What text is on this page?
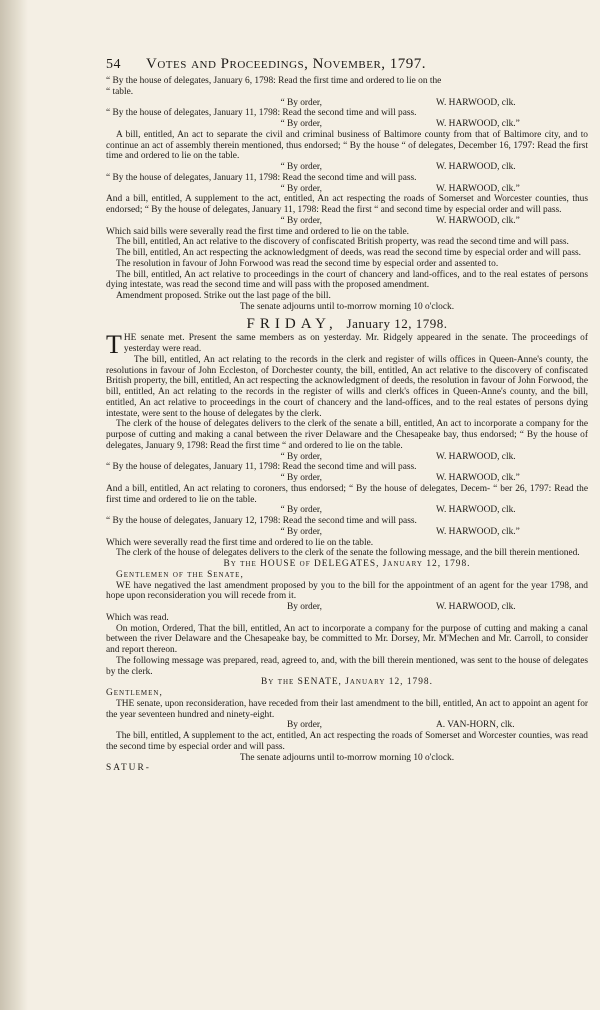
54	Votes and Proceedings, November, 1797.

“ By the house of delegates, January 6, 1798: Read the first time and ordered to lie on the

“ table.

“ By order,	W. HARWOOD, clk.

“ By the house of delegates, January 11, 1798: Read the second time and will pass.

“ By order,	W. HARWOOD, clk.”

A bill, entitled, An act to separate the civil and criminal business of Baltimore county from that of Baltimore city, and to continue an act of assembly therein mentioned, thus endorsed; “ By the house “ of delegates, December 16, 1797: Read the first time and ordered to lie on the table.

“ By order,	W. HARWOOD, clk.

“ By the house of delegates, January 11, 1798: Read the second time and will pass.

“ By order,	W. HARWOOD, clk.”

And a bill, entitled, A supplement to the act, entitled, An act respecting the roads of Somerset and Worcester counties, thus endorsed; “ By the house of delegates, January 11, 1798: Read the first “ and second time by especial order and will pass.

“ By order,	W. HARWOOD, clk.”

Which said bills were severally read the first time and ordered to lie on the table.

The bill, entitled, An act relative to the discovery of confiscated British property, was read the second time and will pass.

The bill, entitled, An act respecting the acknowledgment of deeds, was read the second time by especial order and will pass.

The resolution in favour of John Forwood was read the second time by especial order and assented to.

The bill, entitled, An act relative to proceedings in the court of chancery and land-offices, and to the real estates of persons dying intestate, was read the second time and will pass with the proposed amendment.

Amendment proposed. Strike out the last page of the bill.

The senate adjourns until to-morrow morning 10 o'clock.

FRIDAY, January 12, 1798.

THE senate met. Present the same members as on yesterday. Mr. Ridgely appeared in the senate. The proceedings of yesterday were read.

The bill, entitled, An act relating to the records in the clerk and register of wills offices in Queen-Anne's county, the resolutions in favour of John Eccleston, of Dorchester county, the bill, entitled, An act relative to the discovery of confiscated British property, the bill, entitled, An act respecting the acknowledgment of deeds, the resolution in favour of John Forwood, the bill, entitled, An act relating to the records in the register of wills and clerk's offices in Queen-Anne's county, and the bill, entitled, An act relative to proceedings in the court of chancery and the land-offices, and to the real estates of persons dying intestate, were sent to the house of delegates by the clerk.

The clerk of the house of delegates delivers to the clerk of the senate a bill, entitled, An act to incorporate a company for the purpose of cutting and making a canal between the river Delaware and the Chesapeake bay, thus endorsed; “ By the house of delegates, January 9, 1798: Read the first time “ and ordered to lie on the table.

“ By order,	W. HARWOOD, clk.

“ By the house of delegates, January 11, 1798: Read the second time and will pass.

“ By order,	W. HARWOOD, clk.”

And a bill, entitled, An act relating to coroners, thus endorsed; “ By the house of delegates, Decem- “ ber 26, 1797: Read the first time and ordered to lie on the table.

“ By order,	W. HARWOOD, clk.

“ By the house of delegates, January 12, 1798: Read the second time and will pass.

“ By order,	W. HARWOOD, clk.”

Which were severally read the first time and ordered to lie on the table.

The clerk of the house of delegates delivers to the clerk of the senate the following message, and the bill therein mentioned.

By the HOUSE of DELEGATES, January 12, 1798.

Gentlemen of the Senate,

WE have negatived the last amendment proposed by you to the bill for the appointment of an agent for the year 1798, and hope upon reconsideration you will recede from it.

By order,	W. HARWOOD, clk.

Which was read.

On motion, Ordered, That the bill, entitled, An act to incorporate a company for the purpose of cutting and making a canal between the river Delaware and the Chesapeake bay, be committed to Mr. Dorsey, Mr. M'Mechen and Mr. Carroll, to consider and report thereon.

The following message was prepared, read, agreed to, and, with the bill therein mentioned, was sent to the house of delegates by the clerk.

By the SENATE, January 12, 1798.

Gentlemen,

THE senate, upon reconsideration, have receded from their last amendment to the bill, entitled, An act to appoint an agent for the year seventeen hundred and ninety-eight.

By order,	A. VAN-HORN, clk.

The bill, entitled, A supplement to the act, entitled, An act respecting the roads of Somerset and Worcester counties, was read the second time by especial order and will pass.

The senate adjourns until to-morrow morning 10 o'clock.

SATUR-
